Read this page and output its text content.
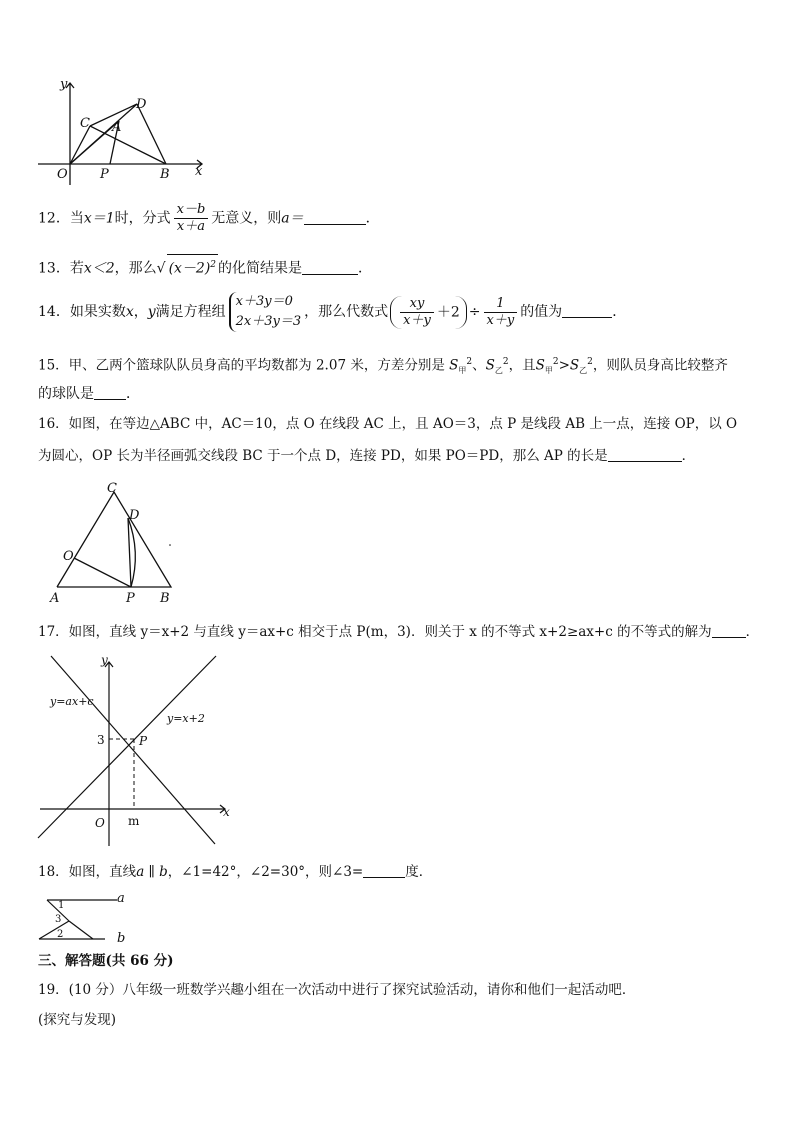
y
x
C
D
A
O P	B
12．当x＝1时，分式 $\frac{x-b}{x+a}$ 无意义，则a＝	．
13．若x＜2，那么√ $(x-2)^2$ 的化简结果是	．
14．如果实数x，y满足方程组
x＋3y＝0
2x＋3y＝3
，那么代数式 $\frac{xy}{x+y} +2 \div \frac{1}{x+y}$ 的值为	．
15．甲、乙两个篮球队队员身高的平均数都为 2.07 米，方差分别是 $S_甲^2$、$S_乙^2$，且$S_甲^2>S_乙^2$，则队员身高比较整齐
的球队是 ．
16．如图，在等边△ABC 中，AC＝10，点 O 在线段 AC 上，且 AO＝3，点 P 是线段 AB 上一点，连接 OP，以 O
为圆心，OP 长为半径画弧交线段 BC 于一个点 D，连接 PD，如果 PO＝PD，那么 AP 的长是	．
C
D
O
A	P B
17．如图，直线 y＝x+2 与直线 y＝ax+c 相交于点 P(m，3)．则关于 x 的不等式 x+2≥ax+c 的不等式的解为	．
y
x
y=ax+c
y=x+2
3	P
O m
18．如图，直线a ∥ b，∠1=42°，∠2=30°，则∠3=	度．
a
b
1
3
2
三、解答题(共 66 分)
19．(10 分）八年级一班数学兴趣小组在一次活动中进行了探究试验活动，请你和他们一起活动吧．
(探究与发现)
